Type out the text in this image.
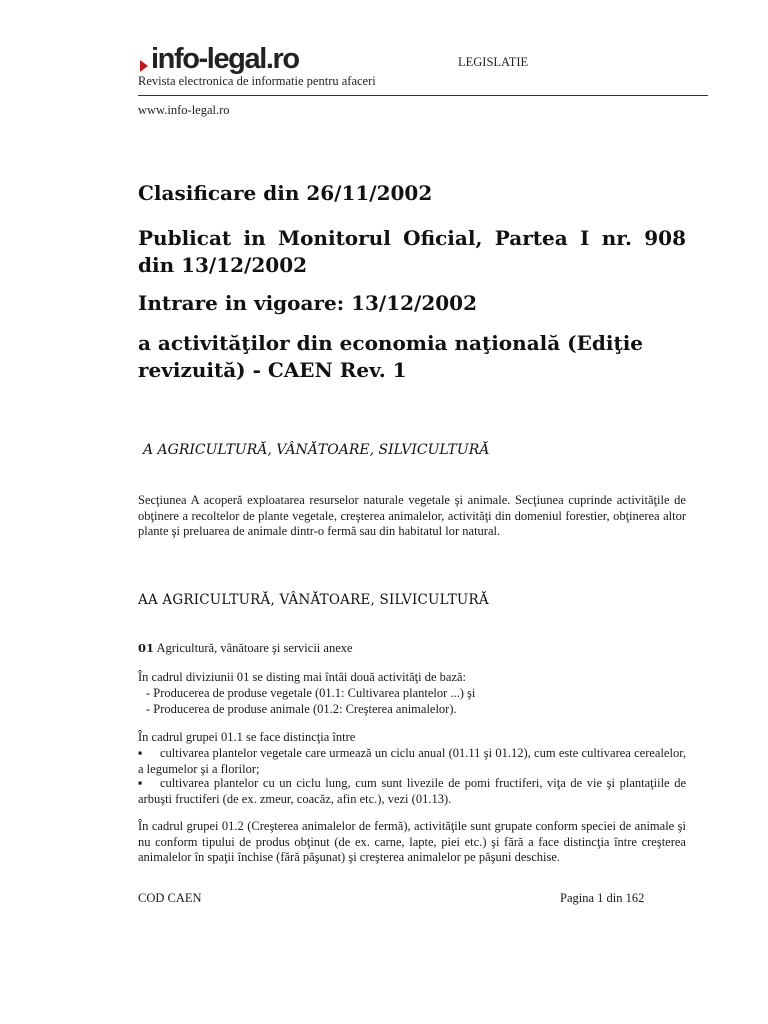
info-legal.ro	LEGISLATIE
Revista electronica de informatie pentru afaceri
www.info-legal.ro
Clasificare din 26/11/2002
Publicat in Monitorul Oficial, Partea I nr. 908 din 13/12/2002
Intrare in vigoare: 13/12/2002
a activităţilor din economia naţională (Ediţie revizuită) - CAEN Rev. 1
A AGRICULTURĂ, VÂNĂTOARE, SILVICULTURĂ
Secţiunea A acoperă exploatarea resurselor naturale vegetale şi animale. Secţiunea cuprinde activităţile de obţinere a recoltelor de plante vegetale, creşterea animalelor, activităţi din domeniul forestier, obţinerea altor plante şi preluarea de animale dintr-o fermă sau din habitatul lor natural.
AA AGRICULTURĂ, VÂNĂTOARE, SILVICULTURĂ
01 Agricultură, vânătoare şi servicii anexe
În cadrul diviziunii 01 se disting mai întâi două activităţi de bază:
- Producerea de produse vegetale (01.1: Cultivarea plantelor ...) şi
- Producerea de produse animale (01.2: Creşterea animalelor).
În cadrul grupei 01.1 se face distincţia între
▪ cultivarea plantelor vegetale care urmează un ciclu anual (01.11 şi 01.12), cum este cultivarea cerealelor, a legumelor şi a florilor;
▪ cultivarea plantelor cu un ciclu lung, cum sunt livezile de pomi fructiferi, viţa de vie şi plantaţiile de arbuşti fructiferi (de ex. zmeur, coacăz, afin etc.), vezi (01.13).
În cadrul grupei 01.2 (Creşterea animalelor de fermă), activităţile sunt grupate conform speciei de animale şi nu conform tipului de produs obţinut (de ex. carne, lapte, piei etc.) şi fără a face distincţia între creşterea animalelor în spaţii închise (fără păşunat) şi creşterea animalelor pe păşuni deschise.
COD CAEN	Pagina 1 din 162
